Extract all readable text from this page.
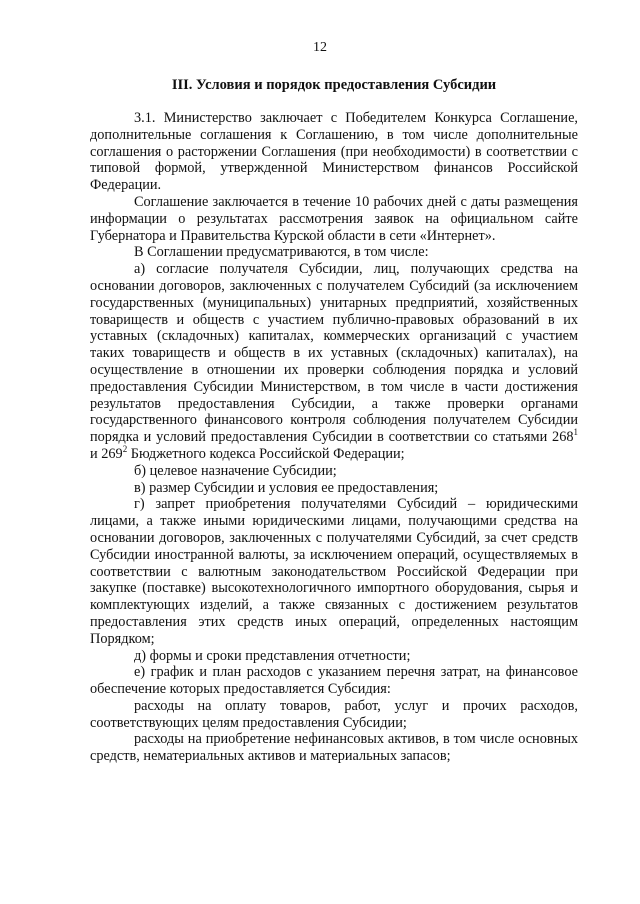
12
III. Условия и порядок предоставления Субсидии

3.1. Министерство заключает с Победителем Конкурса Соглашение, дополнительные соглашения к Соглашению, в том числе дополнительные соглашения о расторжении Соглашения (при необходимости) в соответствии с типовой формой, утвержденной Министерством финансов Российской Федерации.

Соглашение заключается в течение 10 рабочих дней с даты размещения информации о результатах рассмотрения заявок на официальном сайте Губернатора и Правительства Курской области в сети «Интернет».

В Соглашении предусматриваются, в том числе:

а) согласие получателя Субсидии, лиц, получающих средства на основании договоров, заключенных с получателем Субсидий (за исключением государственных (муниципальных) унитарных предприятий, хозяйственных товариществ и обществ с участием публично-правовых образований в их уставных (складочных) капиталах, коммерческих организаций с участием таких товариществ и обществ в их уставных (складочных) капиталах), на осуществление в отношении их проверки соблюдения порядка и условий предоставления Субсидии Министерством, в том числе в части достижения результатов предоставления Субсидии, а также проверки органами государственного финансового контроля соблюдения получателем Субсидии порядка и условий предоставления Субсидии в соответствии со статьями $268^1$ и $269^2$ Бюджетного кодекса Российской Федерации;

б) целевое назначение Субсидии;

в) размер Субсидии и условия ее предоставления;

г) запрет приобретения получателями Субсидий – юридическими лицами, а также иными юридическими лицами, получающими средства на основании договоров, заключенных с получателями Субсидий, за счет средств Субсидии иностранной валюты, за исключением операций, осуществляемых в соответствии с валютным законодательством Российской Федерации при закупке (поставке) высокотехнологичного импортного оборудования, сырья и комплектующих изделий, а также связанных с достижением результатов предоставления этих средств иных операций, определенных настоящим Порядком;

д) формы и сроки представления отчетности;

е) график и план расходов с указанием перечня затрат, на финансовое обеспечение которых предоставляется Субсидия:

расходы на оплату товаров, работ, услуг и прочих расходов, соответствующих целям предоставления Субсидии;

расходы на приобретение нефинансовых активов, в том числе основных средств, нематериальных активов и материальных запасов;
